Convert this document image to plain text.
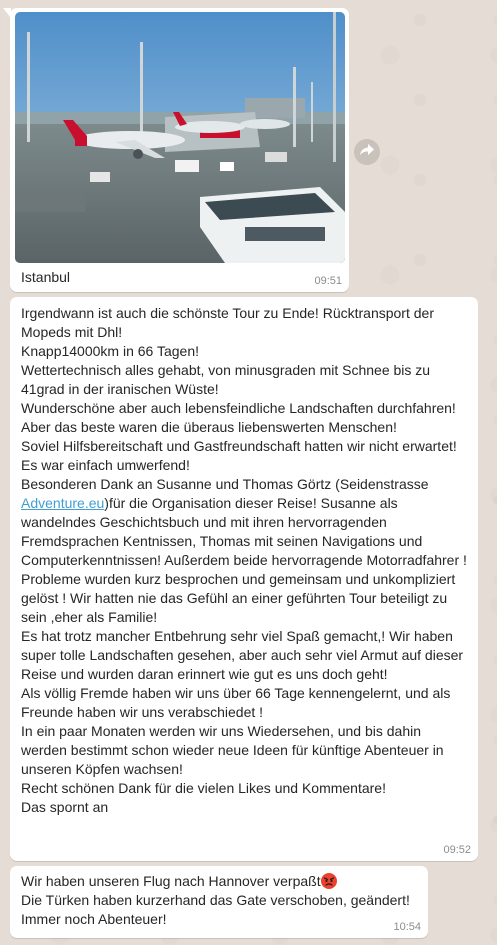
Istanbul	09:51

Irgendwann ist auch die schönste Tour zu Ende! Rücktransport der Mopeds mit Dhl!

Knapp14000km in 66 Tagen!

Wettertechnisch alles gehabt, von minusgraden mit Schnee bis zu 41grad in der iranischen Wüste!

Wunderschöne aber auch lebensfeindliche Landschaften durchfahren!

Aber das beste waren die überaus liebenswerten Menschen!

Soviel Hilfsbereitschaft und Gastfreundschaft hatten wir nicht erwartet! Es war einfach umwerfend!

Besonderen Dank an Susanne und Thomas Görtz (Seidenstrasse Adventure.eu)für die Organisation dieser Reise! Susanne als wandelndes Geschichtsbuch und mit ihren hervorragenden Fremdsprachen Kentnissen, Thomas mit seinen Navigations und Computerkenntnissen! Außerdem beide hervorragende Motorradfahrer !

Probleme wurden kurz besprochen und gemeinsam und unkompliziert gelöst ! Wir hatten nie das Gefühl an einer geführten Tour beteiligt zu sein ,eher als Familie!

Es hat trotz mancher Entbehrung sehr viel Spaß gemacht,! Wir haben super tolle Landschaften gesehen, aber auch sehr viel Armut auf dieser Reise und wurden daran erinnert wie gut es uns doch geht!

Als völlig Fremde haben wir uns über 66 Tage kennengelernt, und als Freunde haben wir uns verabschiedet !

In ein paar Monaten werden wir uns Wiedersehen, und bis dahin werden bestimmt schon wieder neue Ideen für künftige Abenteuer in unseren Köpfen wachsen!

Recht schönen Dank für die vielen Likes und Kommentare!

Das spornt an

09:52

Wir haben unseren Flug nach Hannover verpaßt

Die Türken haben kurzerhand das Gate verschoben, geändert!

Immer noch Abenteuer!	10:54
